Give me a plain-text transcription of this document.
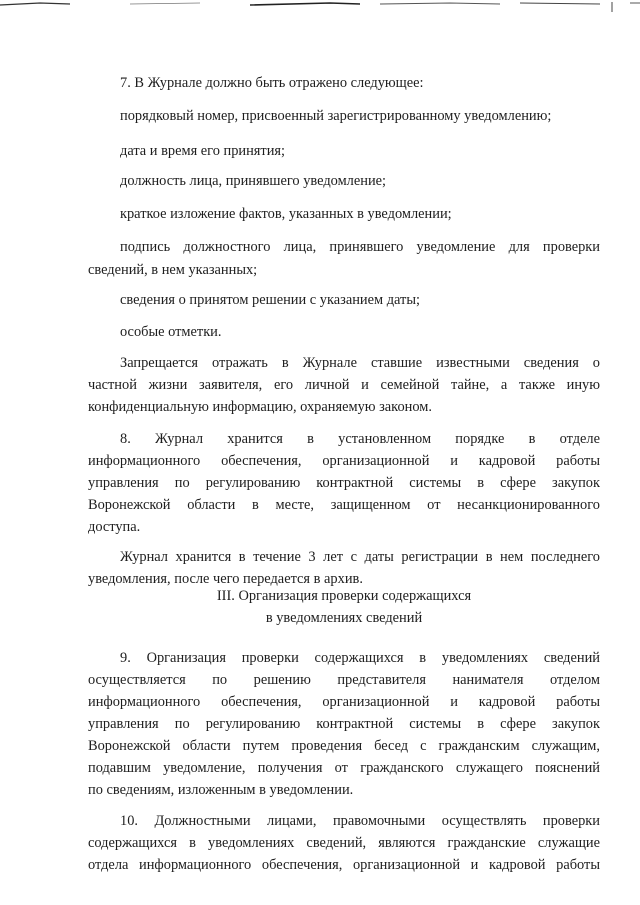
7. В Журнале должно быть отражено следующее:

порядковый номер, присвоенный зарегистрированному уведомлению;

дата и время его принятия;

должность лица, принявшего уведомление;

краткое изложение фактов, указанных в уведомлении;

подпись должностного лица, принявшего уведомление для проверки

сведений, в нем указанных;

сведения о принятом решении с указанием даты;

особые отметки.

Запрещается отражать в Журнале ставшие известными сведения о

частной жизни заявителя, его личной и семейной тайне, а также иную

конфиденциальную информацию, охраняемую законом.

8. Журнал хранится в установленном порядке в отделе

информационного обеспечения, организационной и кадровой работы

управления по регулированию контрактной системы в сфере закупок

Воронежской области в месте, защищенном от несанкционированного

доступа.

Журнал хранится в течение 3 лет с даты регистрации в нем последнего

уведомления, после чего передается в архив.

III. Организация проверки содержащихся

в уведомлениях сведений

9. Организация проверки содержащихся в уведомлениях сведений

осуществляется по решению представителя нанимателя отделом

информационного обеспечения, организационной и кадровой работы

управления по регулированию контрактной системы в сфере закупок

Воронежской области путем проведения бесед с гражданским служащим,

подавшим уведомление, получения от гражданского служащего пояснений

по сведениям, изложенным в уведомлении.

10. Должностными лицами, правомочными осуществлять проверки

содержащихся в уведомлениях сведений, являются гражданские служащие

отдела информационного обеспечения, организационной и кадровой работы
